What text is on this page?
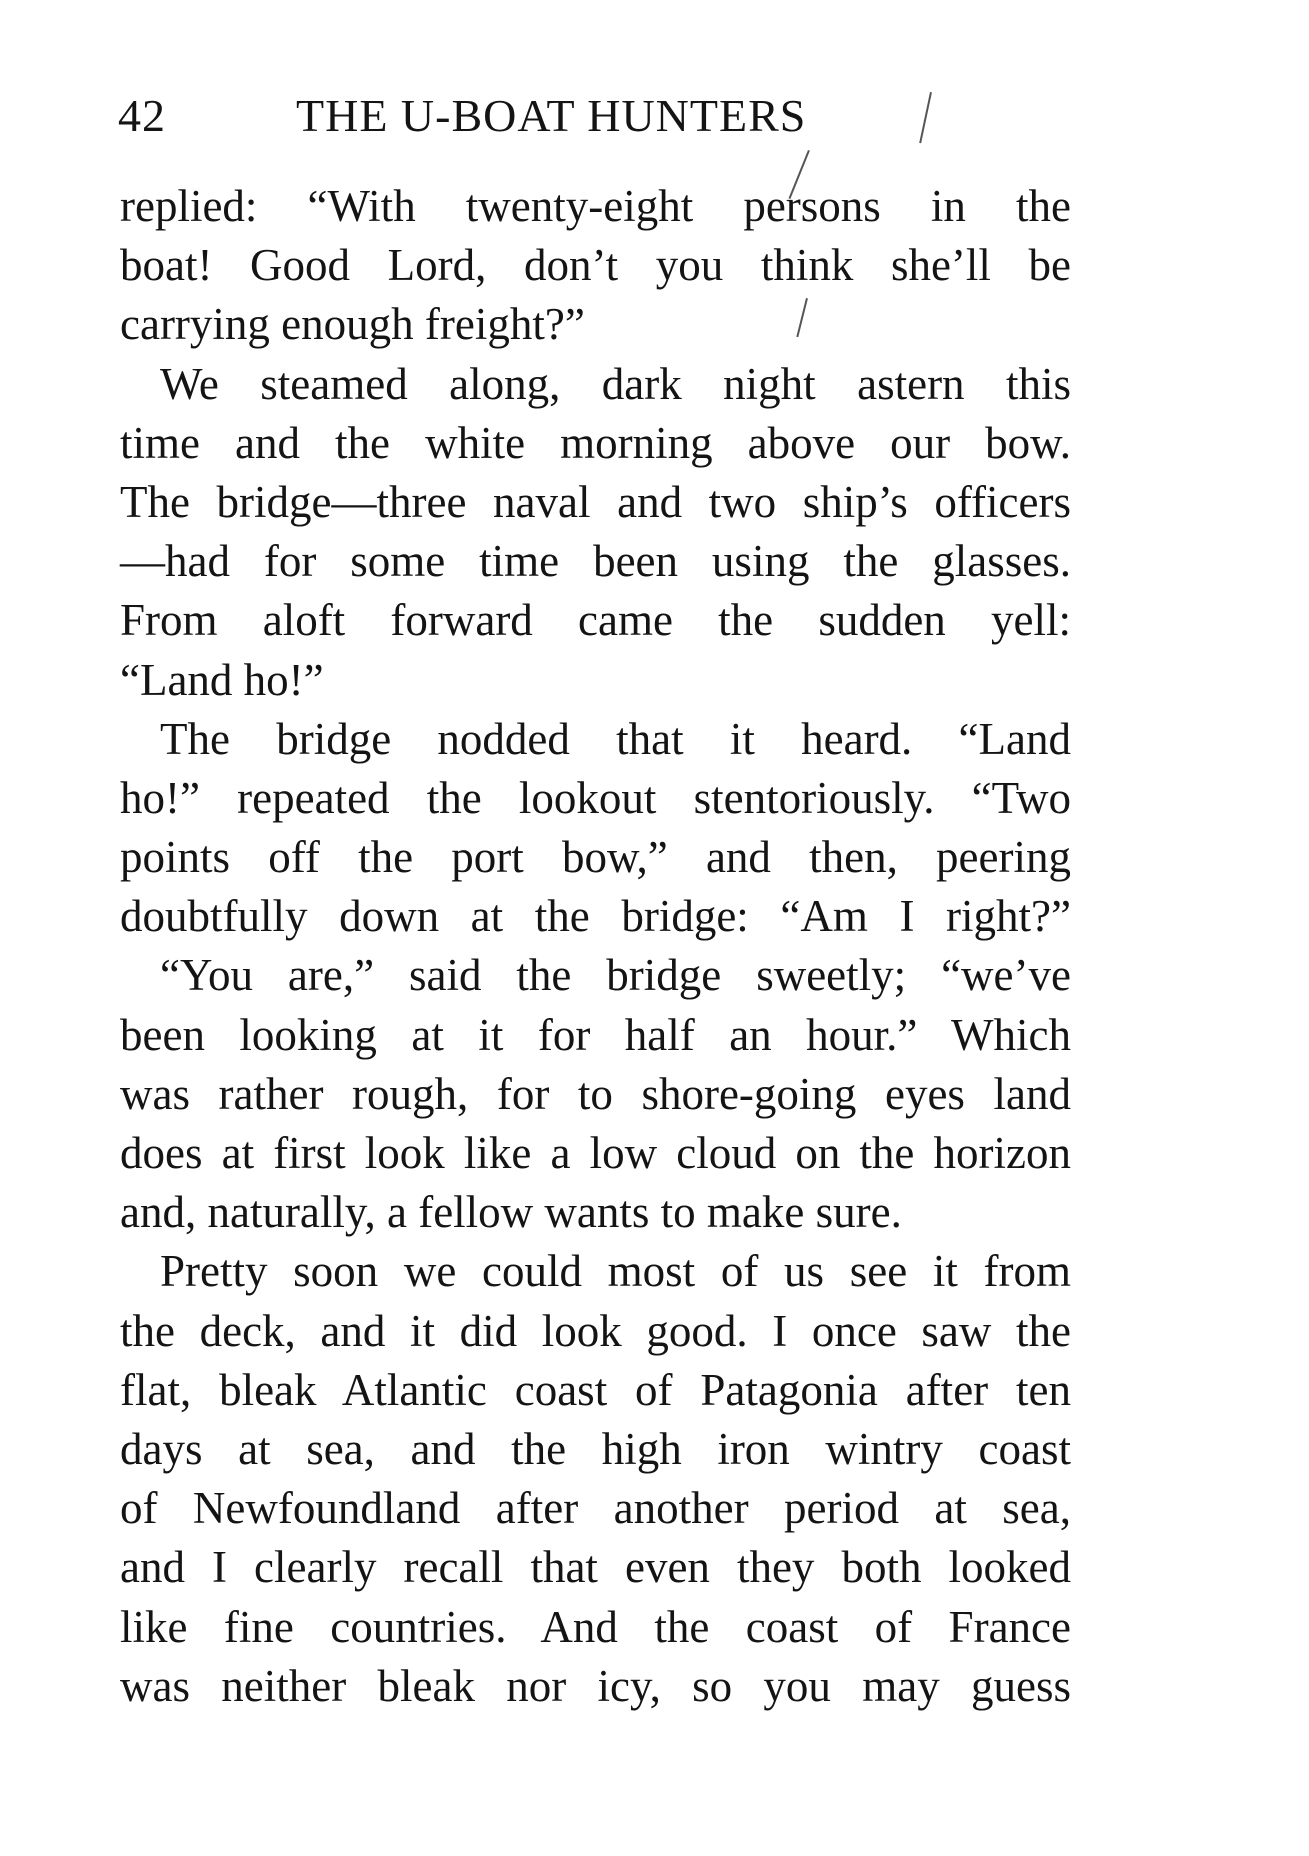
42	THE U-BOAT HUNTERS
replied: “With twenty-eight persons in the
boat! Good Lord, don’t you think she’ll be
carrying enough freight?”
We steamed along, dark night astern this
time and the white morning above our bow.
The bridge—three naval and two ship’s officers
—had for some time been using the glasses.
From aloft forward came the sudden yell:
“Land ho!”
The bridge nodded that it heard. “Land
ho!” repeated the lookout stentoriously. “Two
points off the port bow,” and then, peering
doubtfully down at the bridge: “Am I right?”
“You are,” said the bridge sweetly; “we’ve
been looking at it for half an hour.” Which
was rather rough, for to shore-going eyes land
does at first look like a low cloud on the horizon
and, naturally, a fellow wants to make sure.
Pretty soon we could most of us see it from
the deck, and it did look good. I once saw the
flat, bleak Atlantic coast of Patagonia after ten
days at sea, and the high iron wintry coast
of Newfoundland after another period at sea,
and I clearly recall that even they both looked
like fine countries. And the coast of France
was neither bleak nor icy, so you may guess
